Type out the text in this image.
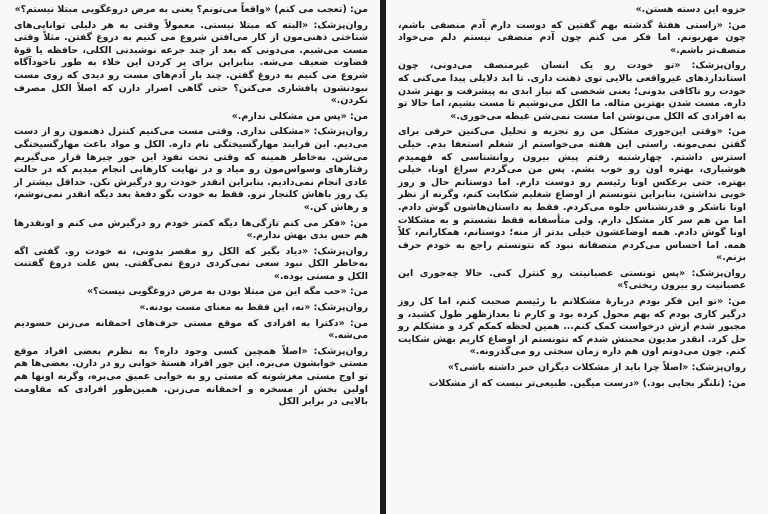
من: (تعجب می کنم) «واقعاً می‌تونم؟ یعنی به مرض دروغگویی مبتلا نیستم؟»

روان‌پزشک: «البته که مبتلا نیستی. معمولاً وقتی به هر دلیلی توانایی‌های شناختی ذهنی‌مون از کار می‌افتن شروع می کنیم به دروغ گفتن. مثلاً وقتی مست می‌شیم. می‌دونی که بعد از چند جرعه نوشیدنی الکلی، حافظه یا قوۀ قضاوت ضعیف می‌شه. بنابراین برای پر کردن این خلاء به طور ناخودآگاه شروع می کنیم به دروغ گفتن. چند بار آدم‌های مست رو دیدی که روی مست نبودنشون پافشاری می‌کنن؟ حتی گاهی اصرار دارن که اصلاً الکل مصرف نکردن.»

من: «پس من مشکلی ندارم.»

روان‌پزشک: «مشکلی نداری. وقتی مست می‌کنیم کنترل ذهنمون رو از دست می‌دیم. این فرایند مهارگسیختگی نام داره. الکل و مواد باعث مهارگسیختگی می‌شن. به‌خاطر همینه که وقتی تحت نفوذ این جور چیزها قرار می‌گیریم رفتارهای وسواس‌مون رو میاد و در نهایت کارهایی انجام میدیم که در حالت عادی انجام نمی‌دادیم. بنابراین انقدر خودت رو درگیرش نکن. حداقل بیشتر از یک روز باهاش کلنجار نرو. فقط به خودت بگو دفعۀ بعد دیگه انقدر نمی‌نوشم، و رهاش کن.»

من: «فکر می کنم تازگی‌ها دیگه کمتر خودم رو درگیرش می کنم و اونقدرها هم حس بدی بهش ندارم.»

روان‌پزشک: «دیاد بگیر که الکل رو مقصر بدونی، نه خودت رو. گفتی اگه به‌خاطر الکل نبود سعی نمی‌کردی دروغ نمی‌گفتی. پس علت دروغ گفتنت الکل و مستی بوده.»

من: «حب مگه این من مبتلا بودن به مرض دروغگویی نیست؟»

روان‌پزشک: «نه، این فقط به معنای مست بودنه.»

من: «دکترا به افرادی که موقع مستی حرف‌های احمقانه می‌زنن حسودیم می‌شه.»

روان‌پزشک: «اصلاً همچین کسی وجود داره؟ به نظرم بعضی افراد موقع مستی خوابشون می‌بره. این جور افراد هستۀ خوابی رو در دارن. بعضی‌ها هم تو اوج مستی مغزشونه که مستی رو به خوابی عمیق می‌بره، وگرنه اونها هم اولین بخش از مسخره و احمقانه می‌زنن. همین‌طور افرادی که مقاومت بالایی در برابر الکل

جزوه این دسته هستن.»

من: «راستی هفتۀ گذشته بهم گفتین که دوست دارم آدم منصفی باشم، چون مهربونم. اما فکر می کنم چون آدم منصفی نیستم دلم می‌خواد منصف‌تر باشم.»

روان‌پزشک: «تو خودت رو یک انسان غیرمنصف می‌دونی، چون استانداردهای غیرواقعی بالایی توی ذهنت داری. تا ابد دلایلی پیدا می‌کنی که خودت رو ناکافی بدونی؛ یعنی شخصی که نیاز ابدی به پیشرفت و بهتر شدن داره. مست شدن بهترین مثاله. ما الکل می‌نوشیم تا مست بشیم، اما حالا تو به افرادی که الکل می‌نوشن اما مست نمی‌شن غبطه می‌خوری.»

من: «وقتی این‌جوری مشکل من رو تجزیه و تحلیل می‌کنین حرفی برای گفتن نمی‌مونه. راستی این هفته می‌خواستم از شغلم استعفا بدم. خیلی استرس داشتم. چهارشنبه رفتم پیش بیرون روانشناسی که فهمیدم هوشیاری، بهتره اون رو خوب بشم. پس من می‌گردم سراغ اونا، خیلی بهتره. حتی برعکس اونا رئیسم رو دوست دارم. اما دوستانم حال و روز خوبی نداشتن، بنابراین نتونستم از اوضاع شغلیم شکایت کنم، وگرنه از نظر اونا ناشکر و قدرنشناس جلوه می‌کردم. فقط به داستان‌هاشون گوش دادم. اما من هم سر کار مشکل دارم. ولی متأسفانه فقط نشستم و به مشکلات اونا گوش دادم. همه اوضاعشون خیلی بدتر از منه؛ دوستانم، همکارانم، کلاً همه. اما احساس می‌کردم منصفانه نبود که نتونستم راجع به خودم حرف بزنم.»

روان‌پزشک: «پس تونستی عصبانیتت رو کنترل کنی. حالا چه‌جوری این عصبانیت رو بیرون ریختی؟»

من: «تو این فکر بودم دربارۀ مشکلاتم با رئیسم صحبت کنم، اما کل روز درگیر کاری بودم که بهم محول کرده بود و کارم تا بعدازظهر طول کشید، و مجبور شدم ازش درخواست کمک کنم... همین لحظه کمکم کرد و مشکلم رو حل کرد. انقدر مدیون محبتش شدم که نتونستم از اوضاع کاریم بهش شکایت کنم. چون می‌دونم اون هم داره زمان سختی رو می‌گذرونه.»

روان‌پزشک: «اصلاً چرا باید از مشکلات دیگران خبر داشته باشی؟»

من: (تلنگر بجایی بود.) «درست میگین. طبیعی‌تر نیست که از مشکلات
